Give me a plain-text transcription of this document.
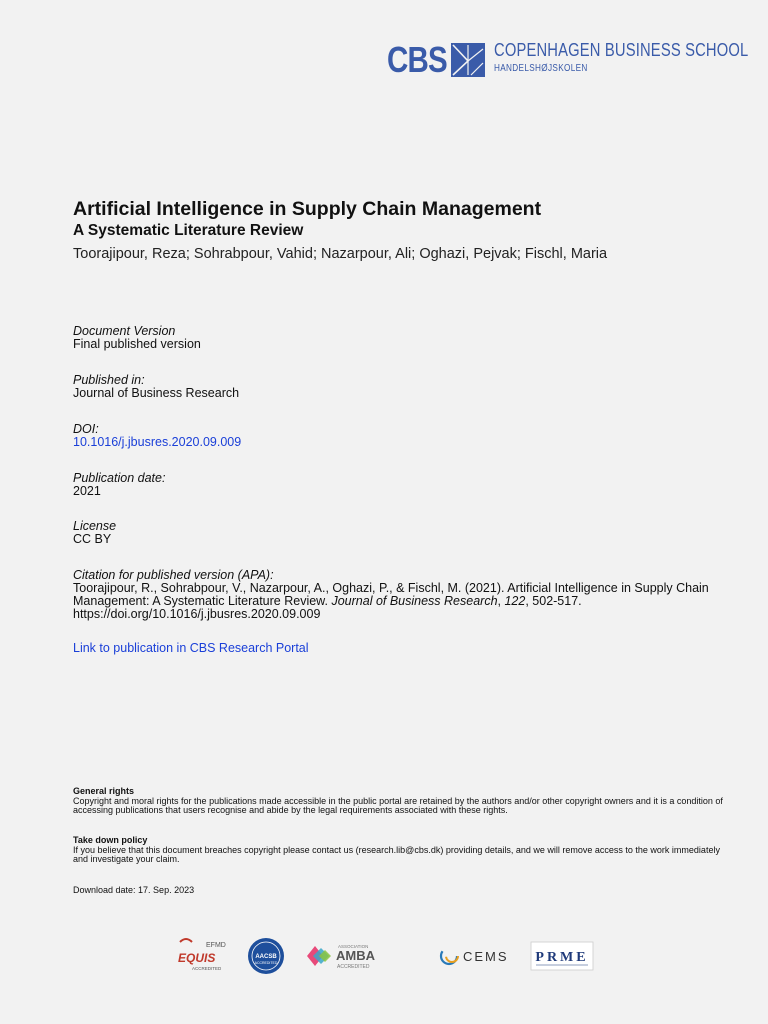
CBS	COPENHAGEN BUSINESS SCHOOL
HANDELSHØJSKOLEN
Artificial Intelligence in Supply Chain Management
A Systematic Literature Review
Toorajipour, Reza; Sohrabpour, Vahid; Nazarpour, Ali; Oghazi, Pejvak; Fischl, Maria
Document Version
Final published version
Published in:
Journal of Business Research
DOI:
10.1016/j.jbusres.2020.09.009
Publication date:
2021
License
CC BY
Citation for published version (APA):
Toorajipour, R., Sohrabpour, V., Nazarpour, A., Oghazi, P., & Fischl, M. (2021). Artificial Intelligence in Supply Chain Management: A Systematic Literature Review. Journal of Business Research, 122, 502-517.
https://doi.org/10.1016/j.jbusres.2020.09.009
Link to publication in CBS Research Portal
General rights
Copyright and moral rights for the publications made accessible in the public portal are retained by the authors and/or other copyright owners and it is a condition of accessing publications that users recognise and abide by the legal requirements associated with these rights.
Take down policy
If you believe that this document breaches copyright please contact us (research.lib@cbs.dk) providing details, and we will remove access to the work immediately and investigate your claim.
Download date: 17. Sep. 2023
EFMD
EQUIS
ACCREDITED
AACSB
ACCREDITED
ASSOCIATION
AMBA
ACCREDITED
CEMS PRME
